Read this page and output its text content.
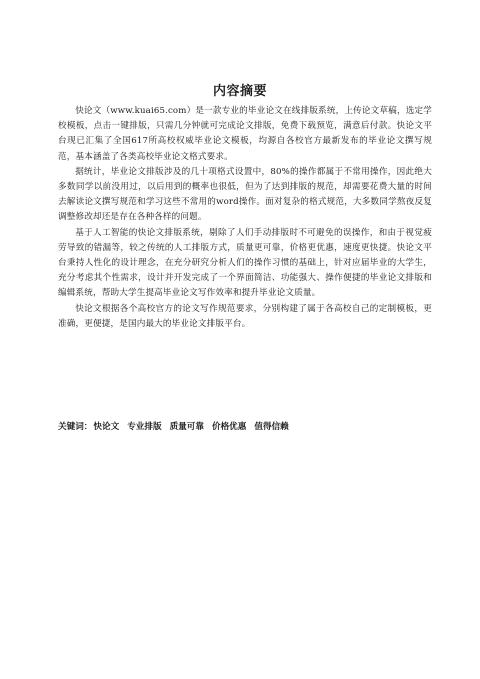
内容摘要

快论文（www.kuai65.com）是一款专业的毕业论文在线排版系统，上传论文草稿，选定学校模板，点击一键排版，只需几分钟就可完成论文排版，免费下载预览，满意后付款。快论文平台现已汇集了全国617所高校权威毕业论文模板，均源自各校官方最新发布的毕业论文撰写规范，基本涵盖了各类高校毕业论文格式要求。

据统计，毕业论文排版涉及的几十项格式设置中，80%的操作都属于不常用操作，因此绝大多数同学以前没用过，以后用到的概率也很低，但为了达到排版的规范，却需要花费大量的时间去解读论文撰写规范和学习这些不常用的word操作。面对复杂的格式规范，大多数同学熬夜反复调整修改却还是存在各种各样的问题。

基于人工智能的快论文排版系统，剔除了人们手动排版时不可避免的误操作，和由于视觉疲劳导致的错漏等，较之传统的人工排版方式，质量更可靠，价格更优惠，速度更快捷。快论文平台秉持人性化的设计理念，在充分研究分析人们的操作习惯的基础上，针对应届毕业的大学生，充分考虑其个性需求，设计并开发完成了一个界面简洁、功能强大、操作便捷的毕业论文排版和编辑系统，帮助大学生提高毕业论文写作效率和提升毕业论文质量。

快论文根据各个高校官方的论文写作规范要求，分别构建了属于各高校自己的定制模板，更准确，更便捷，是国内最大的毕业论文排版平台。

关键词：快论文 专业排版 质量可靠 价格优惠 值得信赖
